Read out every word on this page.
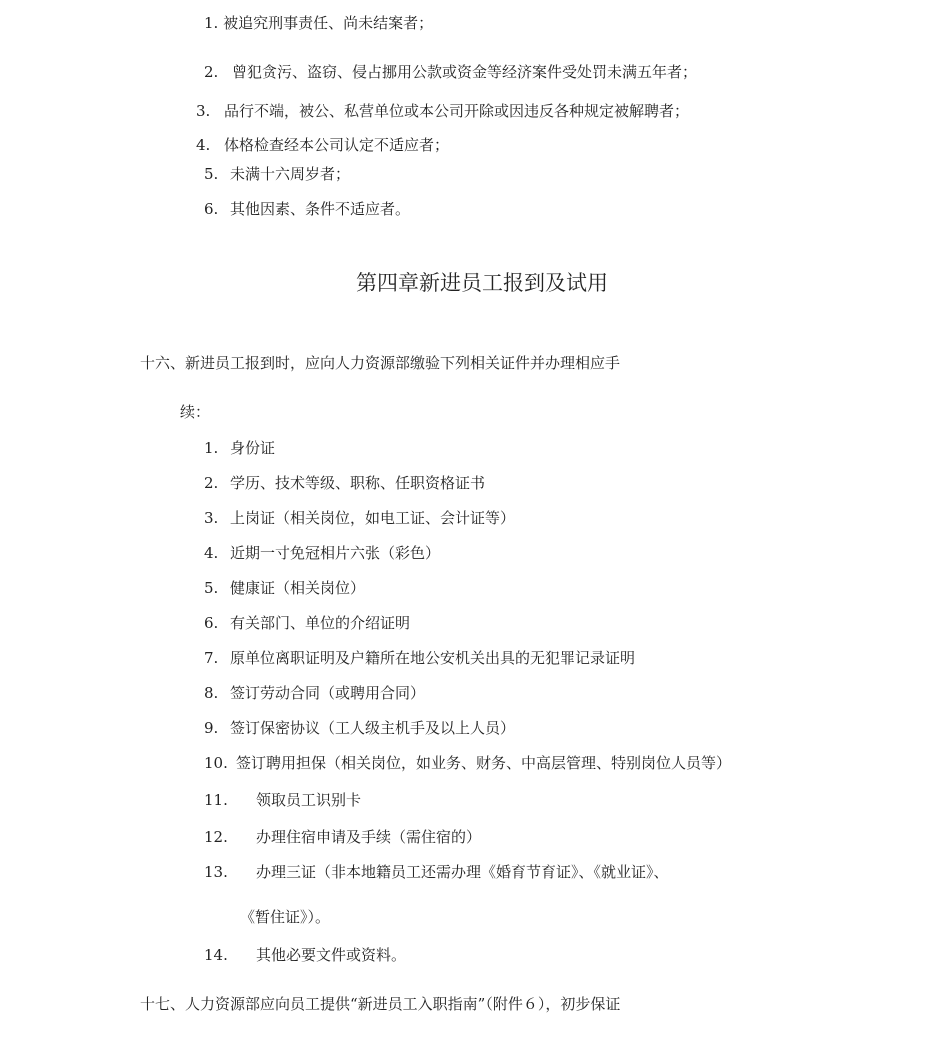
1. 被追究刑事责任、尚未结案者；
2. 曾犯贪污、盗窃、侵占挪用公款或资金等经济案件受处罚未满五年者；
3. 品行不端，被公、私营单位或本公司开除或因违反各种规定被解聘者；
4. 体格检查经本公司认定不适应者；
5. 未满十六周岁者；
6. 其他因素、条件不适应者。
第四章新进员工报到及试用
十六、新进员工报到时，应向人力资源部缴验下列相关证件并办理相应手
续：
1. 身份证
2. 学历、技术等级、职称、任职资格证书
3. 上岗证（相关岗位，如电工证、会计证等）
4. 近期一寸免冠相片六张（彩色）
5. 健康证（相关岗位）
6. 有关部门、单位的介绍证明
7. 原单位离职证明及户籍所在地公安机关出具的无犯罪记录证明
8. 签订劳动合同（或聘用合同）
9. 签订保密协议（工人级主机手及以上人员）
10. 签订聘用担保（相关岗位，如业务、财务、中高层管理、特别岗位人员等）
11. 领取员工识别卡
12. 办理住宿申请及手续（需住宿的）
13. 办理三证（非本地籍员工还需办理《婚育节育证》、《就业证》、
《暂住证》）。
14. 其他必要文件或资料。
十七、人力资源部应向员工提供“新进员工入职指南”（附件６），初步保证
